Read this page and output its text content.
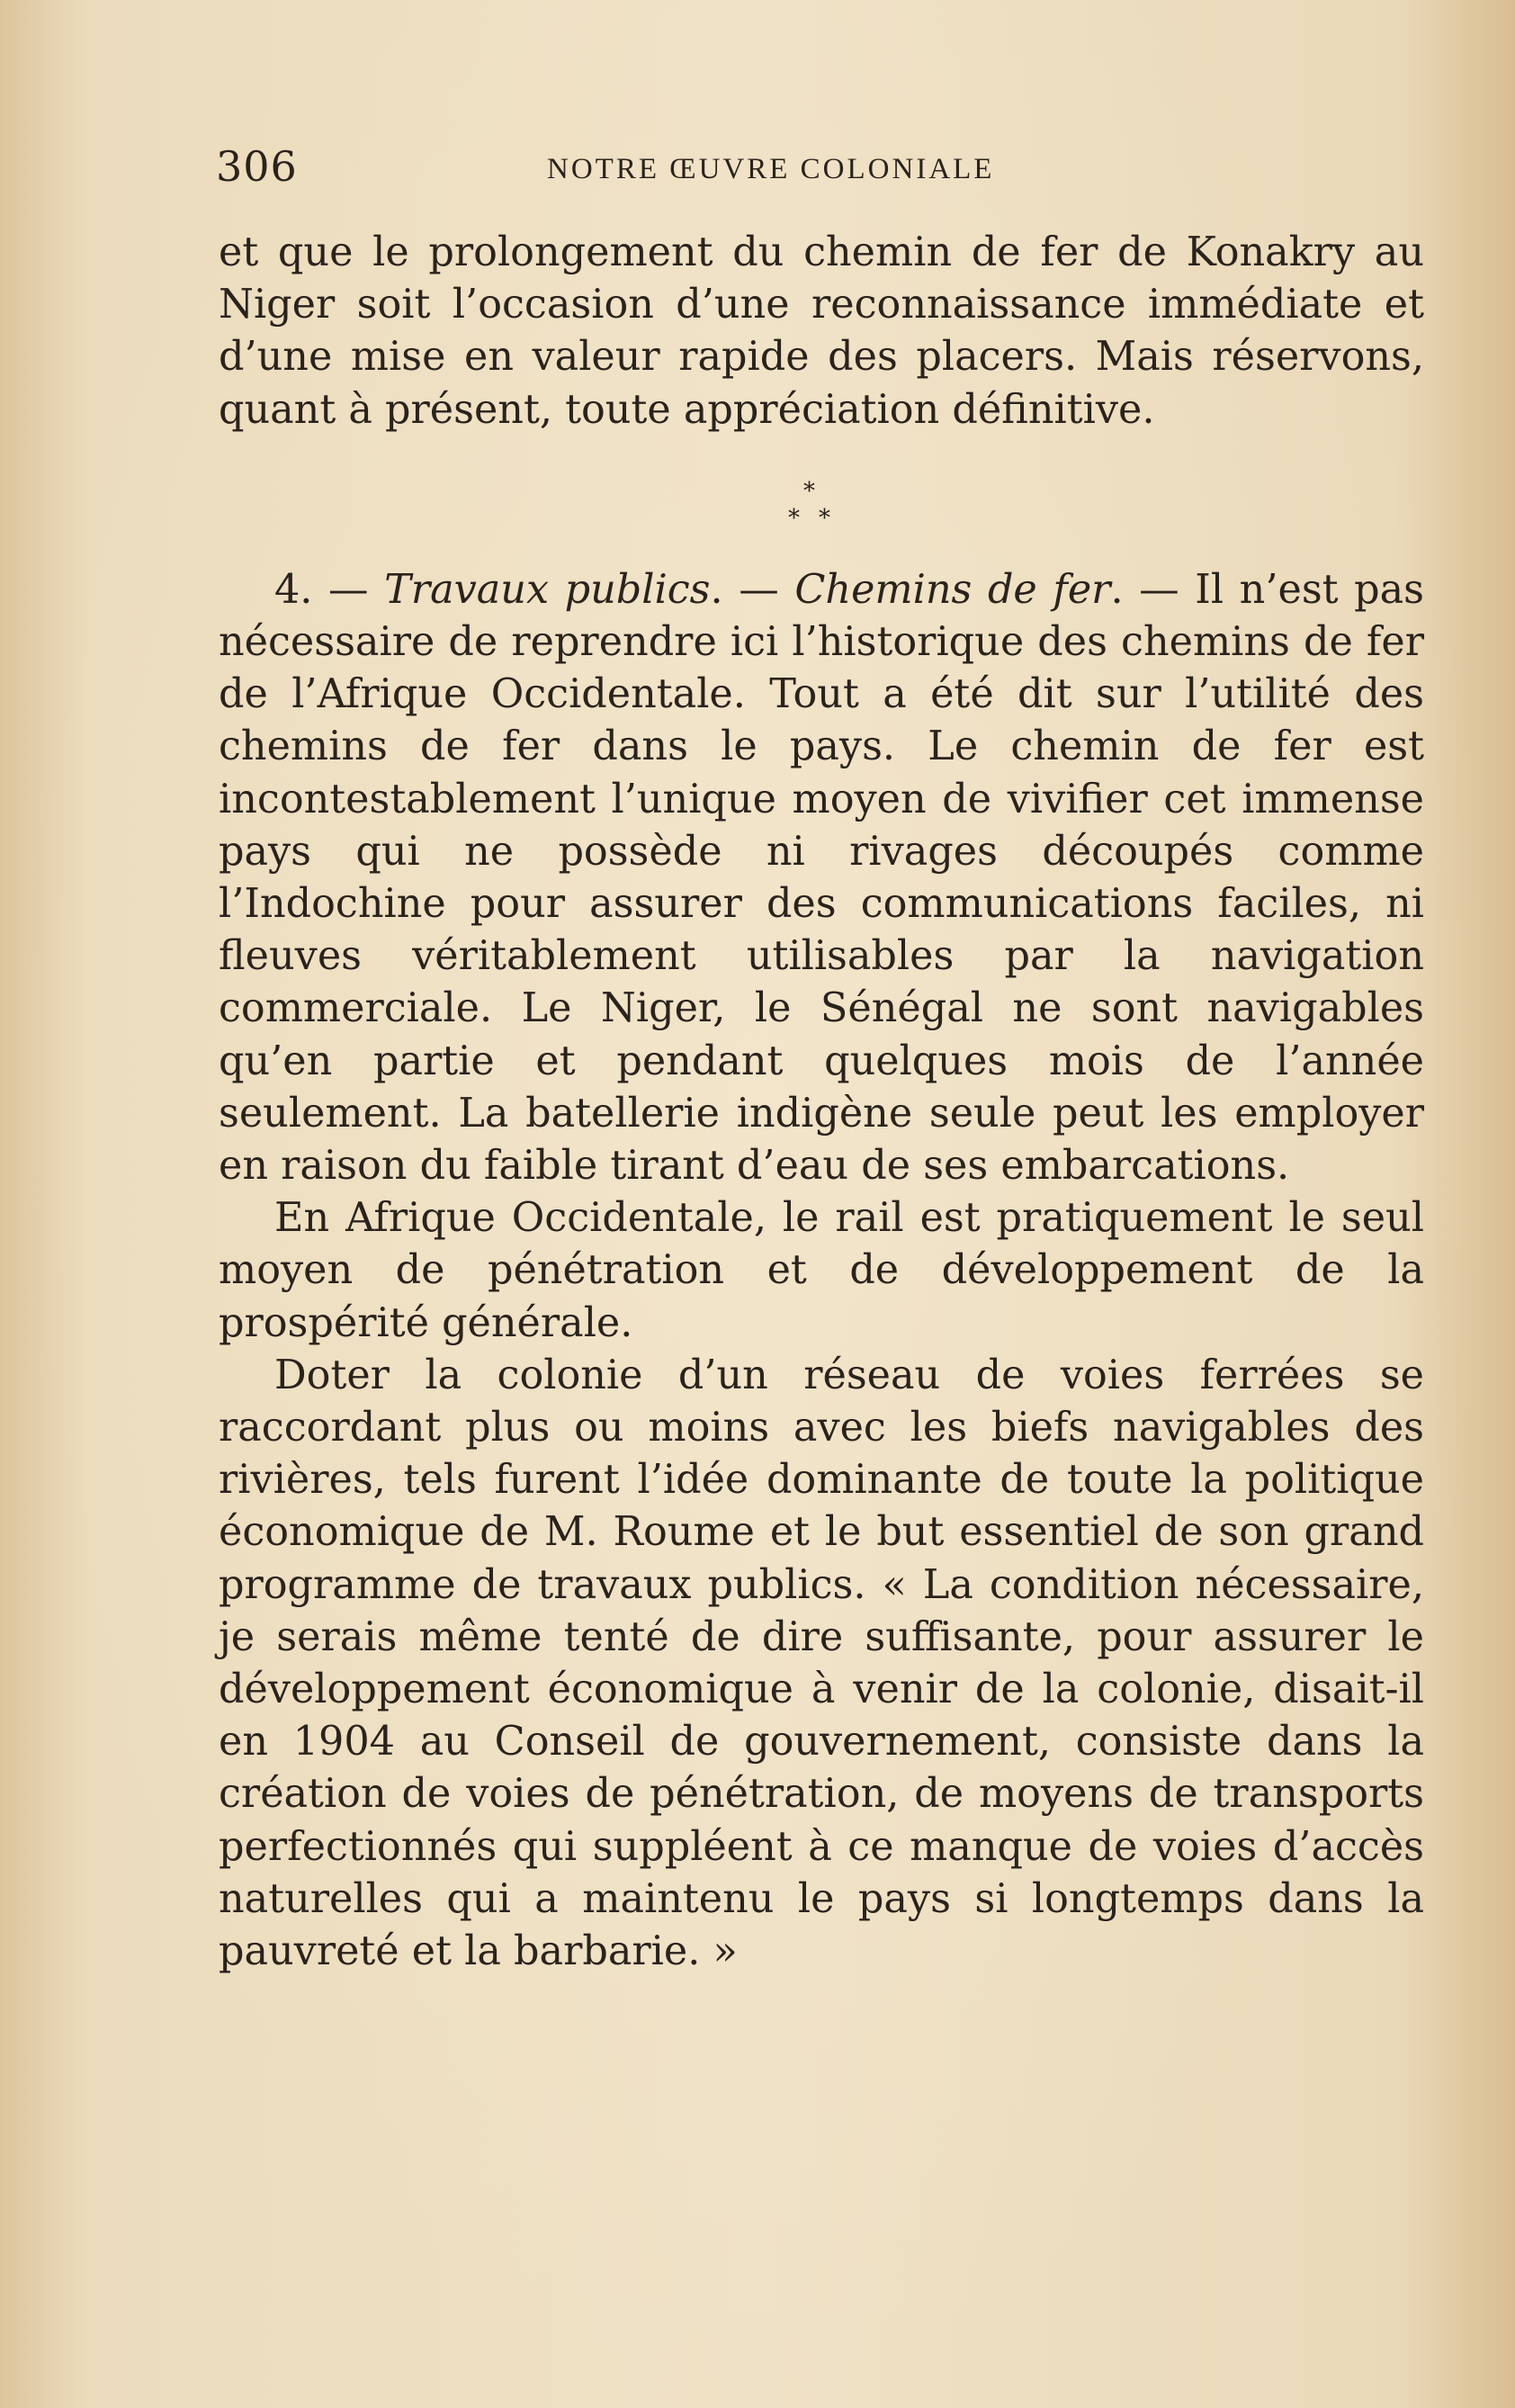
306	NOTRE ŒUVRE COLONIALE

et que le prolongement du chemin de fer de Konakry au Niger soit l’occasion d’une reconnaissance immédiate et d’une mise en valeur rapide des placers. Mais réservons, quant à présent, toute appréciation définitive.

*
* *

4. — Travaux publics. — Chemins de fer. — Il n’est pas nécessaire de reprendre ici l’historique des chemins de fer de l’Afrique Occidentale. Tout a été dit sur l’utilité des chemins de fer dans le pays. Le chemin de fer est incontestablement l’unique moyen de vivifier cet immense pays qui ne possède ni rivages découpés comme l’Indochine pour assurer des communications faciles, ni fleuves véritablement utilisables par la navigation commerciale. Le Niger, le Sénégal ne sont navigables qu’en partie et pendant quelques mois de l’année seulement. La batellerie indigène seule peut les employer en raison du faible tirant d’eau de ses embarcations.

En Afrique Occidentale, le rail est pratiquement le seul moyen de pénétration et de développement de la prospérité générale.

Doter la colonie d’un réseau de voies ferrées se raccordant plus ou moins avec les biefs navigables des rivières, tels furent l’idée dominante de toute la politique économique de M. Roume et le but essentiel de son grand programme de travaux publics. « La condition nécessaire, je serais même tenté de dire suffisante, pour assurer le développement économique à venir de la colonie, disait-il en 1904 au Conseil de gouvernement, consiste dans la création de voies de pénétration, de moyens de transports perfectionnés qui suppléent à ce manque de voies d’accès naturelles qui a maintenu le pays si longtemps dans la pauvreté et la barbarie. »
